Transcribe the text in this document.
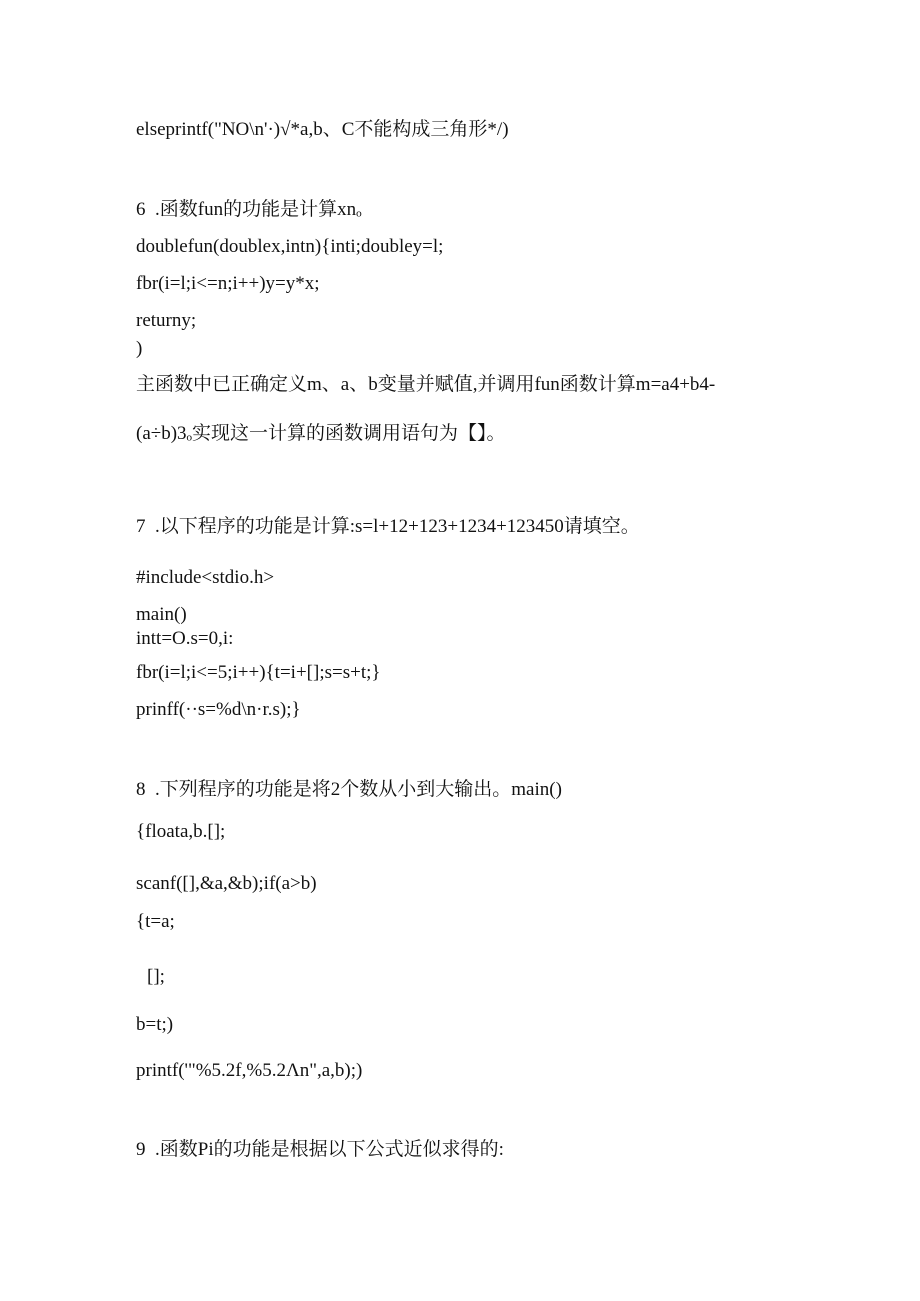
elseprintf("NO\n'·)√*a,b、C不能构成三角形*/)

6  .函数fun的功能是计算xnₒ

doublefun(doublex,intn){inti;doubley=l;

fbr(i=l;i<=n;i++)y=y*x;

returny;

)

主函数中已正确定义m、a、b变量并赋值,并调用fun函数计算m=a4+b4-

(a÷b)3ₒ实现这一计算的函数调用语句为【】。

7  .以下程序的功能是计算:s=l+12+123+1234+123450请填空。

#include<stdio.h>

main()

intt=O.s=0,i:

fbr(i=l;i<=5;i++){t=i+[];s=s+t;}

prinff(··s=%d\n·r.s);}

8  .下列程序的功能是将2个数从小到大输出。main()

{floata,b.[];

scanf([],&a,&b);if(a>b)

{t=a;

[];

b=t;)

printf('"%5.2f,%5.2Λn",a,b);)

9  .函数Pi的功能是根据以下公式近似求得的:
